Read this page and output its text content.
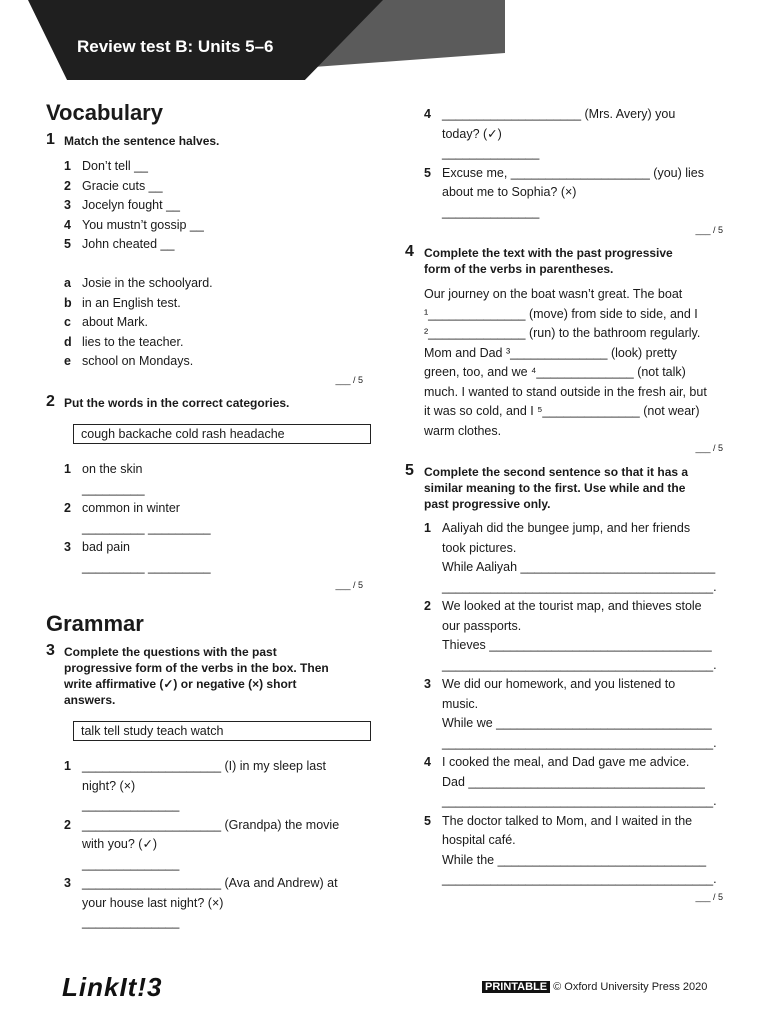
Review test B: Units 5–6
Vocabulary
1 Match the sentence halves.
1 Don’t tell __
2 Gracie cuts __
3 Jocelyn fought __
4 You mustn’t gossip __
5 John cheated __
a Josie in the schoolyard.
b in an English test.
c about Mark.
d lies to the teacher.
e school on Mondays.
___ / 5
2 Put the words in the correct categories.
cough backache cold rash headache
1 on the skin
_________
2 common in winter
_________ _________
3 bad pain
_________ _________
___ / 5
Grammar
3 Complete the questions with the past
progressive form of the verbs in the box. Then
write affirmative (✓) or negative (×) short
answers.
talk tell study teach watch
1 ____________________ (I) in my sleep last
night? (×)
______________
2 ____________________ (Grandpa) the movie
with you? (✓)
______________
3 ____________________ (Ava and Andrew) at
your house last night? (×)
______________
4 ____________________ (Mrs. Avery) you
today? (✓)
______________
5 Excuse me, ____________________ (you) lies
about me to Sophia? (×)
______________
___ / 5
4 Complete the text with the past progressive
form of the verbs in parentheses.
Our journey on the boat wasn’t great. The boat
¹______________ (move) from side to side, and I
²______________ (run) to the bathroom regularly.
Mom and Dad ³______________ (look) pretty
green, too, and we ⁴______________ (not talk)
much. I wanted to stand outside in the fresh air, but
it was so cold, and I ⁵______________ (not wear)
warm clothes.
___ / 5
5 Complete the second sentence so that it has a
similar meaning to the first. Use while and the
past progressive only.
1 Aaliyah did the bungee jump, and her friends
took pictures.
While Aaliyah ____________________________
_______________________________________.
2 We looked at the tourist map, and thieves stole
our passports.
Thieves ________________________________
_______________________________________.
3 We did our homework, and you listened to
music.
While we _______________________________
_______________________________________.
4 I cooked the meal, and Dad gave me advice.
Dad __________________________________
_______________________________________.
5 The doctor talked to Mom, and I waited in the
hospital café.
While the ______________________________
_______________________________________.
___ / 5
LinkIt!3	PRINTABLE © Oxford University Press 2020
